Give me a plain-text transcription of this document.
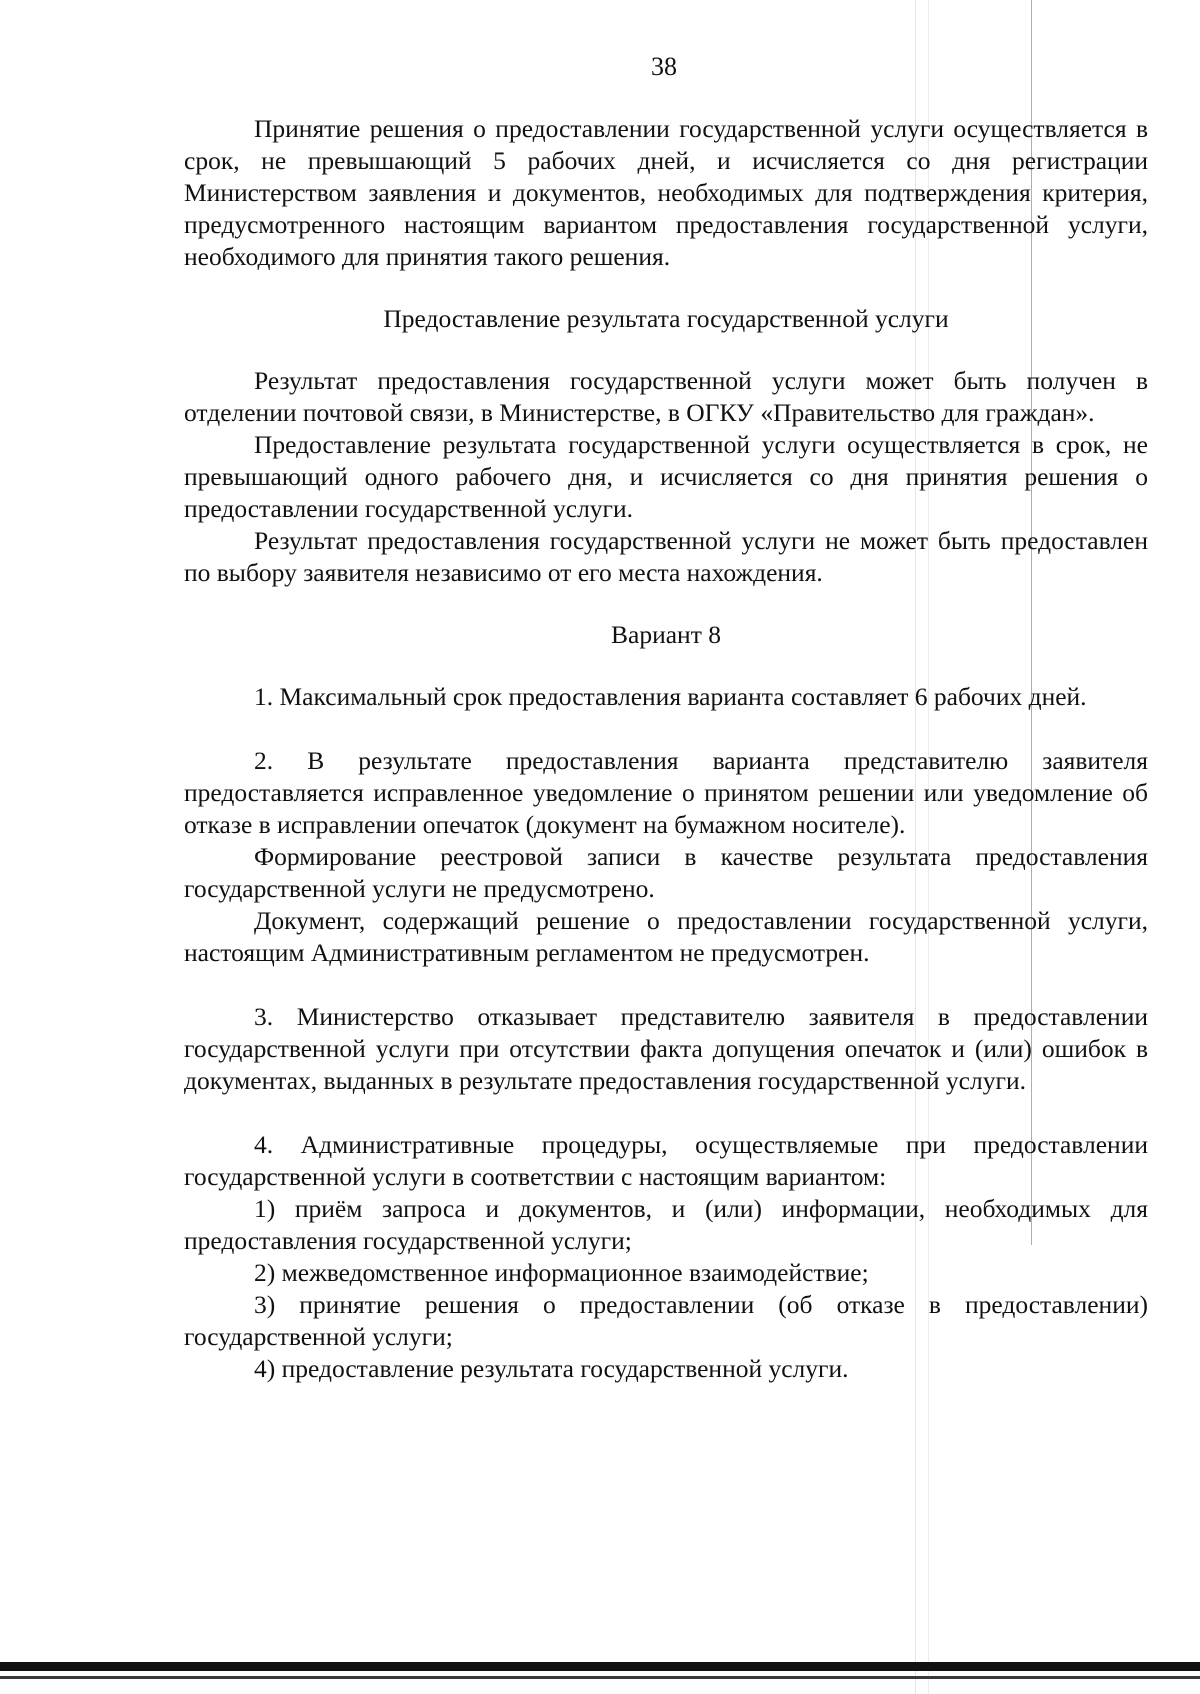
38

Принятие решения о предоставлении государственной услуги осуществляется в срок, не превышающий 5 рабочих дней, и исчисляется со дня регистрации Министерством заявления и документов, необходимых для подтверждения критерия, предусмотренного настоящим вариантом предоставления государственной услуги, необходимого для принятия такого решения.

Предоставление результата государственной услуги

Результат предоставления государственной услуги может быть получен в отделении почтовой связи, в Министерстве, в ОГКУ «Правительство для граждан».

Предоставление результата государственной услуги осуществляется в срок, не превышающий одного рабочего дня, и исчисляется со дня принятия решения о предоставлении государственной услуги.

Результат предоставления государственной услуги не может быть предоставлен по выбору заявителя независимо от его места нахождения.

Вариант 8

1. Максимальный срок предоставления варианта составляет 6 рабочих дней.

2. В результате предоставления варианта представителю заявителя предоставляется исправленное уведомление о принятом решении или уведомление об отказе в исправлении опечаток (документ на бумажном носителе).

Формирование реестровой записи в качестве результата предоставления государственной услуги не предусмотрено.

Документ, содержащий решение о предоставлении государственной услуги, настоящим Административным регламентом не предусмотрен.

3. Министерство отказывает представителю заявителя в предоставлении государственной услуги при отсутствии факта допущения опечаток и (или) ошибок в документах, выданных в результате предоставления государственной услуги.

4. Административные процедуры, осуществляемые при предоставлении государственной услуги в соответствии с настоящим вариантом:

1) приём запроса и документов, и (или) информации, необходимых для предоставления государственной услуги;

2) межведомственное информационное взаимодействие;

3) принятие решения о предоставлении (об отказе в предоставлении) государственной услуги;

4) предоставление результата государственной услуги.
